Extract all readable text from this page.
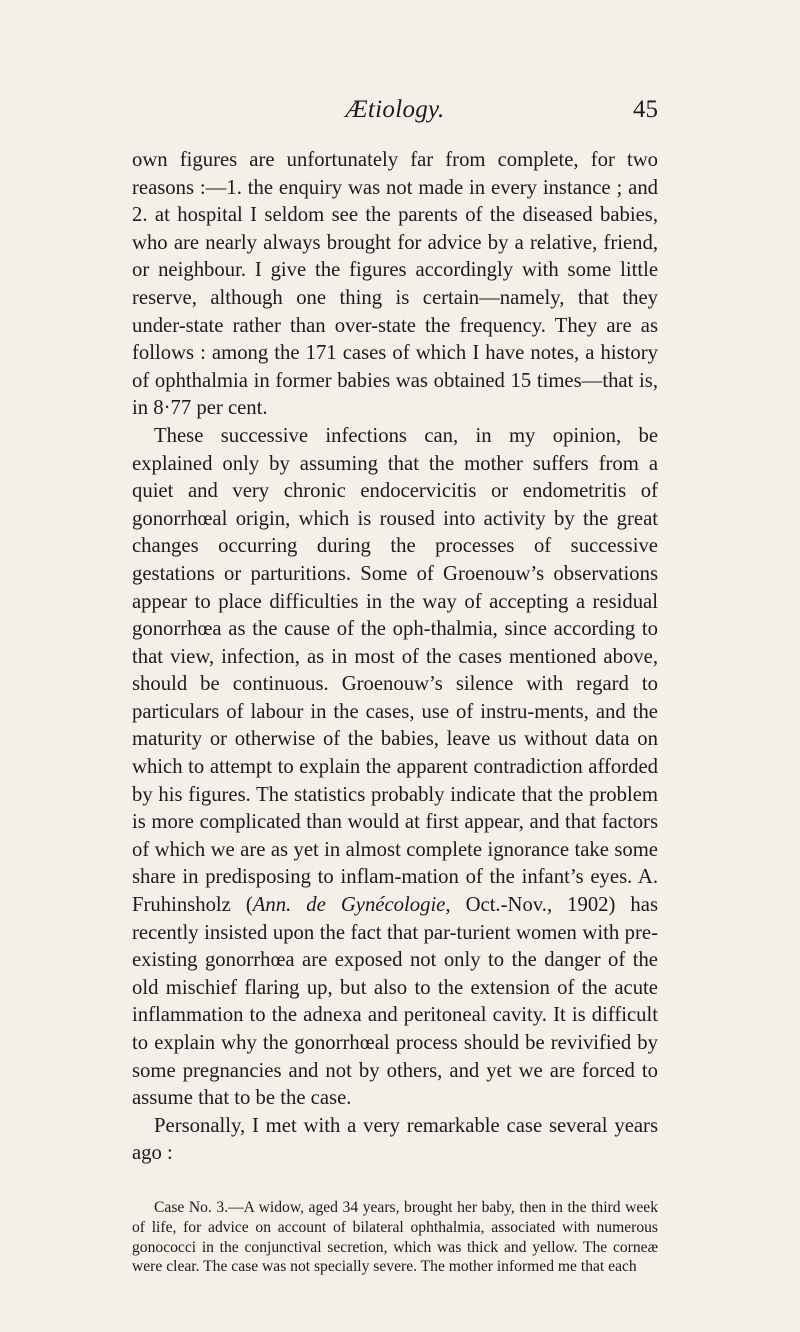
Ætiology.	45

own figures are unfortunately far from complete, for two reasons :—1. the enquiry was not made in every instance ; and 2. at hospital I seldom see the parents of the diseased babies, who are nearly always brought for advice by a relative, friend, or neighbour. I give the figures accordingly with some little reserve, although one thing is certain—namely, that they under-state rather than over-state the frequency. They are as follows : among the 171 cases of which I have notes, a history of ophthalmia in former babies was obtained 15 times—that is, in 8·77 per cent.

These successive infections can, in my opinion, be explained only by assuming that the mother suffers from a quiet and very chronic endocervicitis or endometritis of gonorrhœal origin, which is roused into activity by the great changes occurring during the processes of successive gestations or parturitions. Some of Groenouw’s observations appear to place difficulties in the way of accepting a residual gonorrhœa as the cause of the oph-thalmia, since according to that view, infection, as in most of the cases mentioned above, should be continuous. Groenouw’s silence with regard to particulars of labour in the cases, use of instru-ments, and the maturity or otherwise of the babies, leave us without data on which to attempt to explain the apparent contradiction afforded by his figures. The statistics probably indicate that the problem is more complicated than would at first appear, and that factors of which we are as yet in almost complete ignorance take some share in predisposing to inflam-mation of the infant’s eyes. A. Fruhinsholz (Ann. de Gynécologie, Oct.-Nov., 1902) has recently insisted upon the fact that par-turient women with pre-existing gonorrhœa are exposed not only to the danger of the old mischief flaring up, but also to the extension of the acute inflammation to the adnexa and peritoneal cavity. It is difficult to explain why the gonorrhœal process should be revivified by some pregnancies and not by others, and yet we are forced to assume that to be the case.

Personally, I met with a very remarkable case several years ago :

Case No. 3.—A widow, aged 34 years, brought her baby, then in the third week of life, for advice on account of bilateral ophthalmia, associated with numerous gonococci in the conjunctival secretion, which was thick and yellow. The corneæ were clear. The case was not specially severe. The mother informed me that each
